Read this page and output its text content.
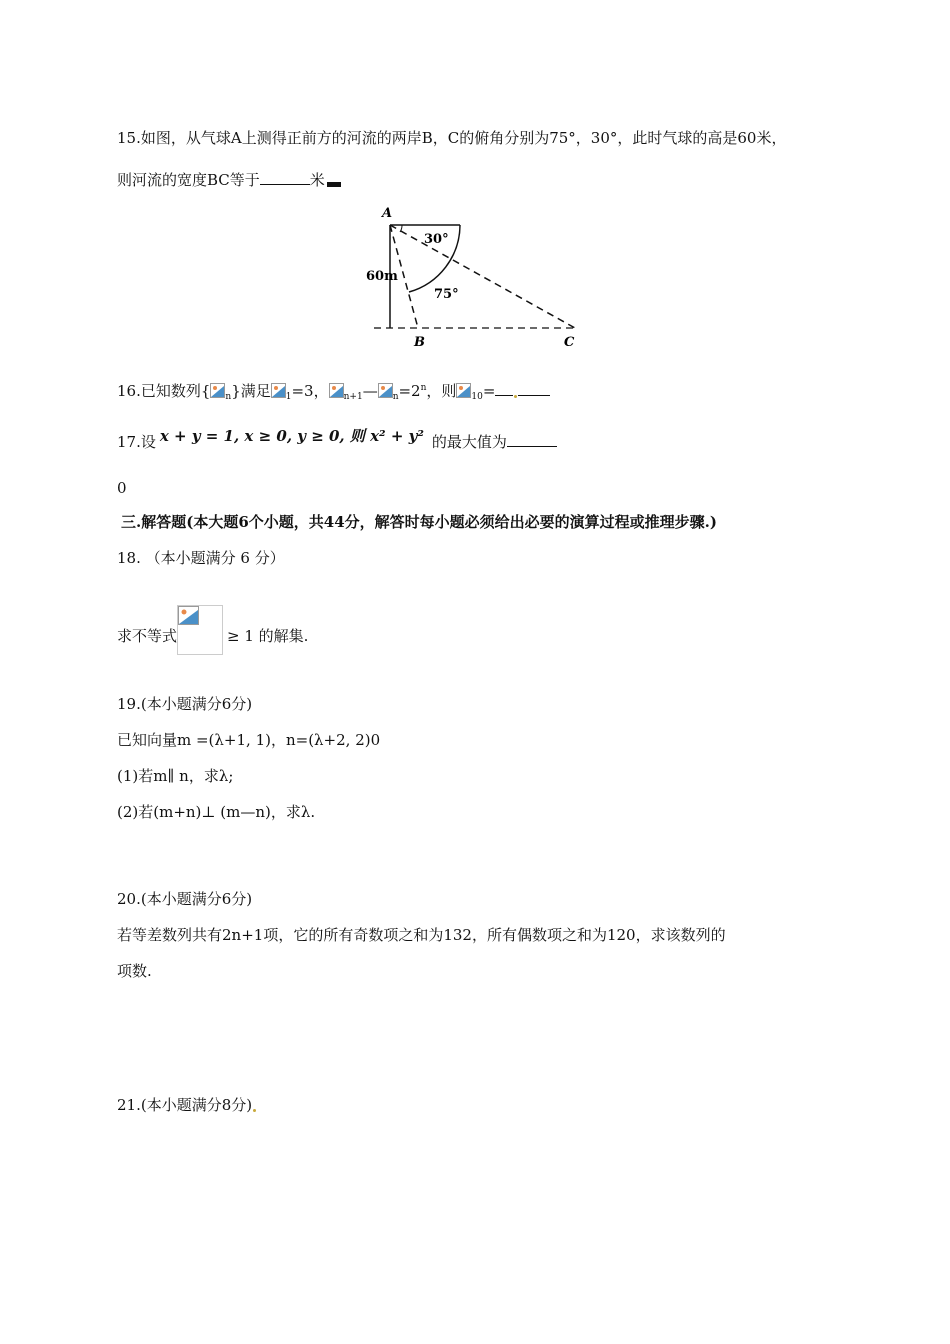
15.如图，从气球A上测得正前方的河流的两岸B，C的俯角分别为75°，30°，此时气球的高是60米，
则河流的宽度BC等于	米
A
30°
75°
60m
B	C
16.已知数列{ $_n$}满足 $_1$=3， $_{n+1}$— $_n=2^n$，则 $_{10}$=
17.设 x + y = 1, x ≥ 0, y ≥ 0, 则 x² + y² 的最大值为
0
三.解答题(本大题6个小题，共44分，解答时每小题必须给出必要的演算过程或推理步骤.)
18. （本小题满分 6 分）
求不等式	≥ 1 的解集.
19.(本小题满分6分)
已知向量m =(λ+1, 1)，n=(λ+2, 2)0
(1)若m∥ n，求λ;
(2)若(m+n)⊥ (m—n)，求λ.
20.(本小题满分6分)
若等差数列共有2n+1项，它的所有奇数项之和为132，所有偶数项之和为120，求该数列的
项数.
21.(本小题满分8分)
